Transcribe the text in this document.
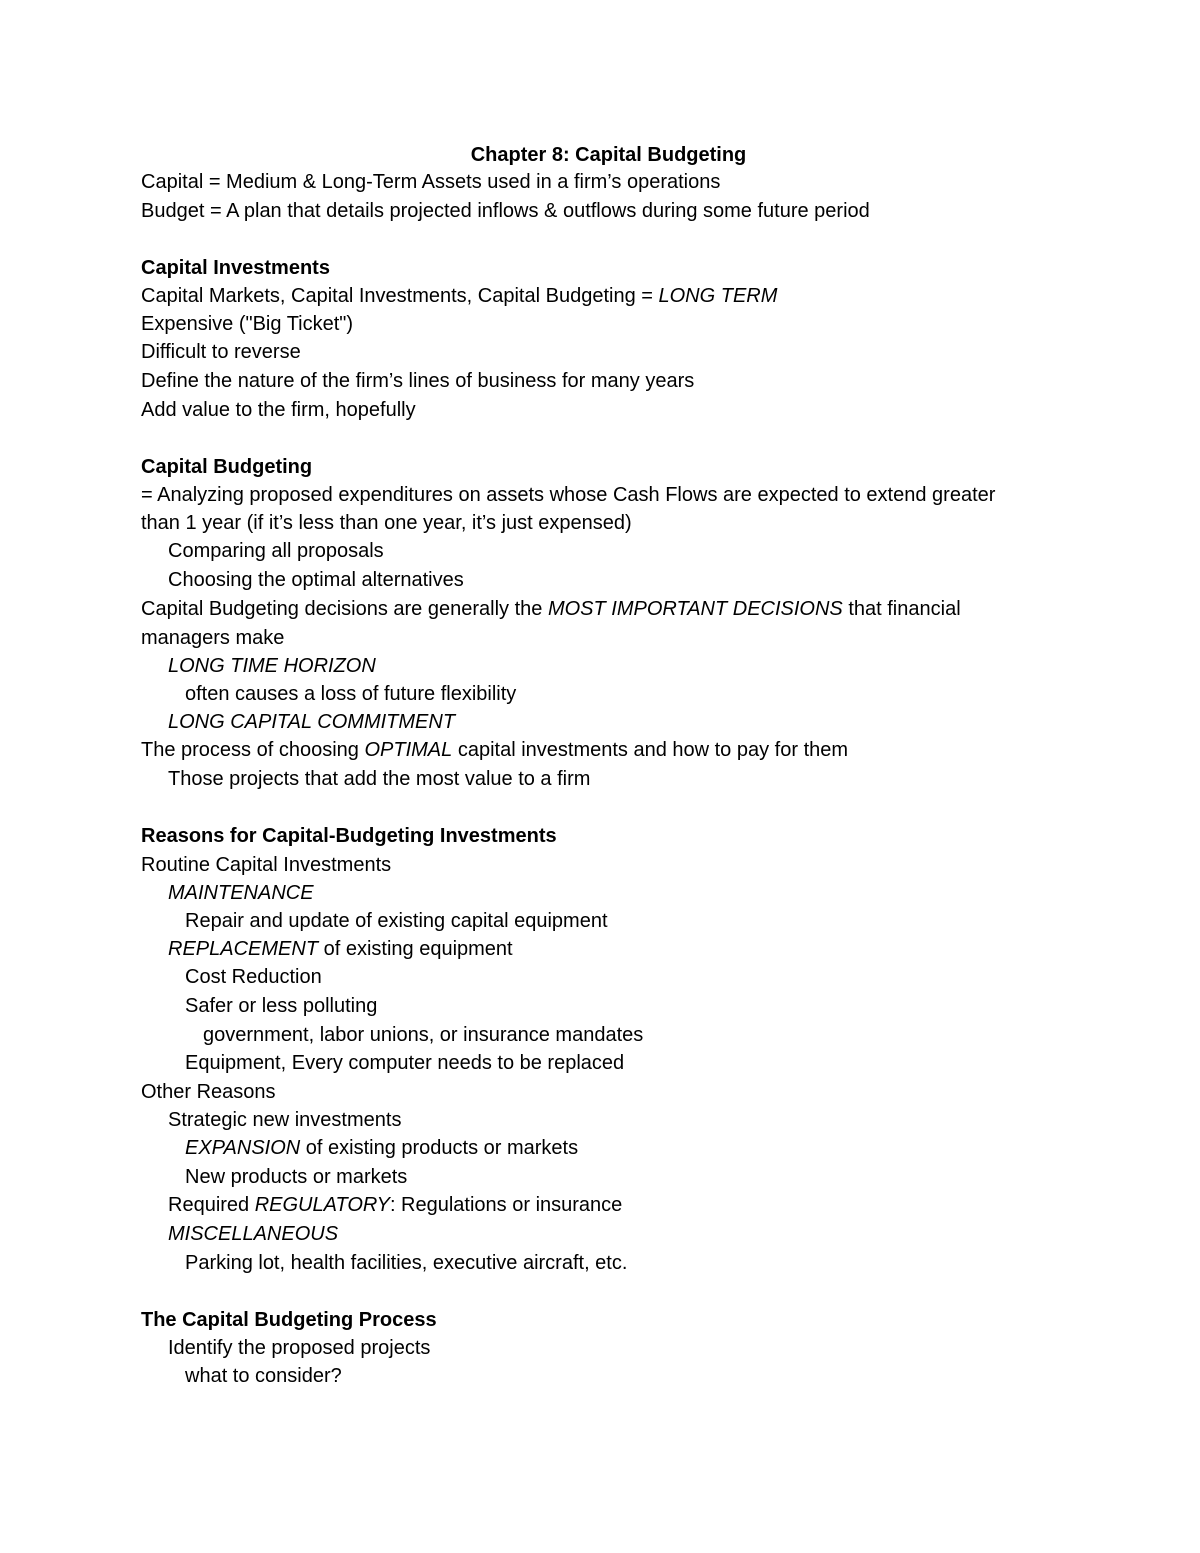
Chapter 8: Capital Budgeting
Capital = Medium & Long-Term Assets used in a firm’s operations
Budget = A plan that details projected inflows & outflows during some future period
Capital Investments
Capital Markets, Capital Investments, Capital Budgeting = LONG TERM
Expensive ("Big Ticket")
Difficult to reverse
Define the nature of the firm’s lines of business for many years
Add value to the firm, hopefully
Capital Budgeting
= Analyzing proposed expenditures on assets whose Cash Flows are expected to extend greater
than 1 year (if it’s less than one year, it’s just expensed)
Comparing all proposals
Choosing the optimal alternatives
Capital Budgeting decisions are generally the MOST IMPORTANT DECISIONS that financial
managers make
LONG TIME HORIZON
often causes a loss of future flexibility
LONG CAPITAL COMMITMENT
The process of choosing OPTIMAL capital investments and how to pay for them
Those projects that add the most value to a firm
Reasons for Capital-Budgeting Investments
Routine Capital Investments
MAINTENANCE
Repair and update of existing capital equipment
REPLACEMENT of existing equipment
Cost Reduction
Safer or less polluting
government, labor unions, or insurance mandates
Equipment, Every computer needs to be replaced
Other Reasons
Strategic new investments
EXPANSION of existing products or markets
New products or markets
Required REGULATORY: Regulations or insurance
MISCELLANEOUS
Parking lot, health facilities, executive aircraft, etc.
The Capital Budgeting Process
Identify the proposed projects
what to consider?
